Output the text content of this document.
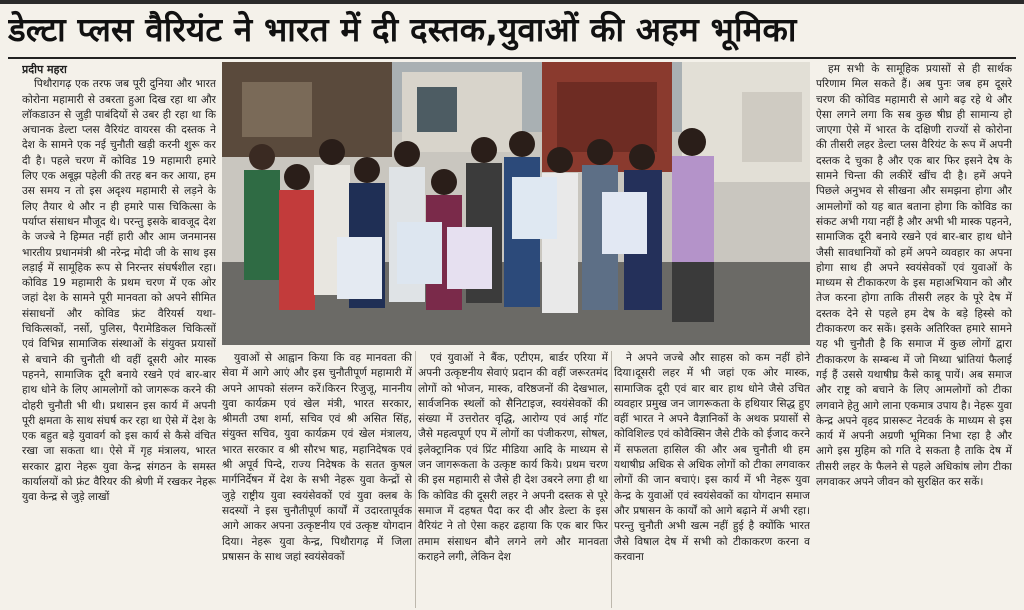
डेल्टा प्लस वैरियंट ने भारत में दी दस्तक,युवाओं की अहम भूमिका

प्रदीप महरा

पिथौरागढ़ एक तरफ जब पूरी दुनिया और भारत कोरोना महामारी से उबरता हुआ दिख रहा था और लॉकडाउन से जुड़ी पाबंदियों से उबर ही रहा था कि अचानक डेल्टा प्लस वैरियंट वायरस की दस्तक ने देश के सामने एक नई चुनौती खड़ी करनी शुरू कर दी है। पहले चरण में कोविड 19 महामारी हमारे लिए एक अबूझ पहेली की तरह बन कर आया, हम उस समय न तो इस अदृश्य महामारी से लड़ने के लिए तैयार थे और न ही हमारे पास चिकित्सा के पर्याप्त संसाधन मौजूद थे। परन्तु इसके बावजूद देश के जज्बे ने हिम्मत नहीं हारी और आम जनमानस भारतीय प्रधानमंत्री श्री नरेन्द्र मोदी जी के साथ इस लड़ाई में सामूहिक रूप से निरन्तर संघर्षशील रहा। कोविड 19 महामारी के प्रथम चरण में एक ओर जहां देश के सामने पूरी मानवता को अपने सीमित संसाधनों और कोविड फ्रंट वैरियर्स यथा- चिकित्सकों, नर्सो, पुलिस, पैरामेडिकल चिकित्सों एवं विभिन्न सामाजिक संस्थाओं के संयुक्त प्रयासों से बचाने की चुनौती थी वहीं दूसरी ओर मास्क पहनने, सामाजिक दूरी बनाये रखने एवं बार-बार हाथ धोने के लिए आमलोगों को जागरूक करने की दोहरी चुनौती भी थी। प्रथासन इस कार्य में अपनी पूरी क्षमता के साथ संघर्ष कर रहा था ऐसे में देश के एक बहुत बड़े युवावर्ग को इस कार्य से कैसे वंचित रखा जा सकता था। ऐसे में गृह मंत्रालय, भारत सरकार द्वारा नेहरू युवा केन्द्र संगठन के समस्त कार्यालयों को फ्रंट वैरियर की श्रेणी में रखकर नेहरू युवा केन्द्र से जुड़े लाखों

युवाओं से आह्वान किया कि वह मानवता की सेवा में आगे आएं और इस चुनौतीपूर्ण महामारी में अपने आपको संलग्न करें।किरन रिजुजू, माननीय युवा कार्यक्रम एवं खेल मंत्री, भारत सरकार, श्रीमती उषा शर्मा, सचिव एवं श्री असित सिंह, संयुक्त सचिव, युवा कार्यक्रम एवं खेल मंत्रालय, भारत सरकार व श्री सौरभ षाह, महानिदेषक एवं श्री अपूर्व पिन्दे, राज्य निदेषक के सतत कुषल मार्गनिर्देषन में देश के सभी नेहरू युवा केन्द्रों से जुड़े राष्ट्रीय युवा स्वयंसेवकों एवं युवा क्लब के सदस्यों ने इस चुनौतीपूर्ण कार्यों में उदारतापूर्वक आगे आकर अपना उत्कृष्टनीय एवं उत्कृष्ट योगदान दिया। नेहरू युवा केन्द्र, पिथौरागढ़ में जिला प्रषासन के साथ जहां स्वयंसेवकों

एवं युवाओं ने बैंक, एटीएम, बार्डर एरिया में अपनी उत्कृष्टनीय सेवाएं प्रदान की वहीं जरूरतमंद लोगों को भोजन, मास्क, वरिष्ठजनों की देखभाल, सार्वजनिक स्थलों को सैनिटाइज, स्वयंसेवकों की संख्या में उत्तरोतर वृद्धि, आरोग्य एवं आई गॉट जैसे महत्वपूर्ण एप में लोगों का पंजीकरण, सोषल, इलेक्ट्रानिक एवं प्रिंट मीडिया आदि के माध्यम से जन जागरूकता के उत्कृष्ट कार्य किये। प्रथम चरण की इस महामारी से जैसे ही देश उबरने लगा ही था कि कोविड की दूसरी लहर ने अपनी दस्तक से पूरे समाज में दहषत पैदा कर दी और डेल्टा के इस वैरियंट ने तो ऐसा कहर ढहाया कि एक बार फिर तमाम संसाधन बौने लगने लगे और मानवता कराहने लगी, लेकिन देश

ने अपने जज्बे और साहस को कम नहीं होने दिया।दूसरी लहर में भी जहां एक ओर मास्क, सामाजिक दूरी एवं बार बार हाथ धोने जैसे उचित व्यवहार प्रमुख जन जागरूकता के हथियार सिद्ध हुए वहीं भारत ने अपने वैज्ञानिकों के अथक प्रयासों से कोविशिल्ड एवं कोवैक्सिन जैसे टीके को ईजाद करने में सफलता हासिल की और अब चुनौती थी हम यथाषीघ्र अधिक से अधिक लोगों को टीका लगवाकर लोगों की जान बचाएं। इस कार्य में भी नेहरू युवा केन्द्र के युवाओं एवं स्वयंसेवकों का योगदान समाज और प्रषासन के कार्यों को आगे बढ़ाने में अभी रहा।परन्तु चुनौती अभी खत्म नहीं हुई है क्योंकि भारत जैसे विषाल देष में सभी को टीकाकरण करना व करवाना

हम सभी के सामूहिक प्रयासों से ही सार्थक परिणाम मिल सकते हैं। अब पुनः जब हम दूसरे चरण की कोविड महामारी से आगे बढ़ रहे थे और ऐसा लगने लगा कि सब कुछ षीघ्र ही सामान्य हो जाएगा ऐसे में भारत के दक्षिणी राज्यों से कोरोना की तीसरी लहर डेल्टा प्लस वैरियंट के रूप में अपनी दस्तक दे चुका है और एक बार फिर इसने देष के सामने चिन्ता की लकीरें खींच दी है। हमें अपने पिछले अनुभव से सीखना और समझना होगा और आमलोगों को यह बात बताना होगा कि कोविड का संकट अभी गया नहीं है और अभी भी मास्क पहनने, सामाजिक दूरी बनाये रखने एवं बार-बार हाथ धोने जैसी सावधानियों को हमें अपने व्यवहार का अपना होगा साथ ही अपने स्वयंसेवकों एवं युवाओं के माध्यम से टीकाकरण के इस महाअभियान को और तेज करना होगा ताकि तीसरी लहर के पूरे देष में दस्तक देने से पहले हम देष के बड़े हिस्से को टीकाकरण कर सकें। इसके अतिरिक्त हमारे सामने यह भी चुनौती है कि समाज में कुछ लोगों द्वारा टीकाकरण के सम्बन्ध में जो मिथ्या भ्रांतियां फैलाई गई हैं उससे यथाषीघ्र कैसे काबू पायें। अब समाज और राष्ट्र को बचाने के लिए आमलोगों को टीका लगवाने हेतु आगे लाना एकमात्र उपाय है। नेहरू युवा केन्द्र अपने वृहद प्रासरूट नेटवर्क के माध्यम से इस कार्य में अपनी अग्रणी भूमिका निभा रहा है और आगे इस मुहिम को गति दे सकता है ताकि देष में तीसरी लहर के फैलने से पहले अधिकांष लोग टीका लगवाकर अपने जीवन को सुरक्षित कर सकें।
